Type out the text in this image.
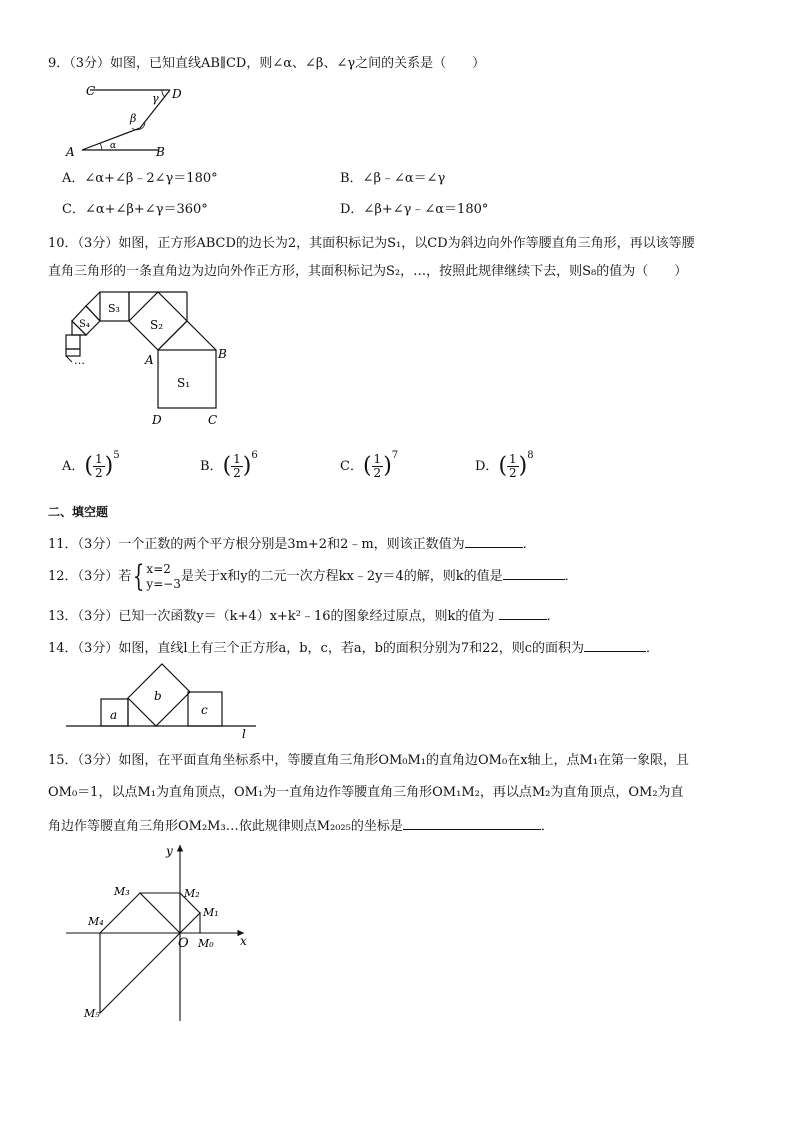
9．（3分）如图，已知直线AB∥CD，则∠α、∠β、∠γ之间的关系是（　　）
C	D
A	B
α
β
γ
A．∠α+∠β﹣2∠γ＝180°	B．∠β﹣∠α＝∠γ
C．∠α+∠β+∠γ＝360°	D．∠β+∠γ﹣∠α＝180°
10．（3分）如图，正方形ABCD的边长为2，其面积标记为S₁，以CD为斜边向外作等腰直角三角形，再以该等腰
直角三角形的一条直角边为边向外作正方形，其面积标记为S₂，…，按照此规律继续下去，则S₈的值为（　　）
…
S₁
S₂
S₃
S₄
A	B
C
D
A．( $\frac{1}{2} )^5$
B．( $\frac{1}{2} )^6$
C．( $\frac{1}{2} )^7$
D．( $\frac{1}{2} )^8$
二、填空题
11．（3分）一个正数的两个平方根分别是3m+2和2﹣m，则该正数值为	．
12．（3分）若{ x=2
y=−3 是关于x和y的二元一次方程kx﹣2y＝4的解，则k的值是	．
13．（3分）已知一次函数y＝（k+4）x+k²﹣16的图象经过原点，则k的值为	．
14．（3分）如图，直线l上有三个正方形a，b，c，若a，b的面积分别为7和22，则c的面积为	．
a
b
c
l
15．（3分）如图，在平面直角坐标系中，等腰直角三角形OM₀M₁的直角边OM₀在x轴上，点M₁在第一象限，且
OM₀＝1，以点M₁为直角顶点，OM₁为一直角边作等腰直角三角形OM₁M₂，再以点M₂为直角顶点，OM₂为直
角边作等腰直角三角形OM₂M₃…依此规律则点M₂₀₂₅的坐标是	．
y
x
O M₀
M₁
M₂
M₃
M₄
M₅
